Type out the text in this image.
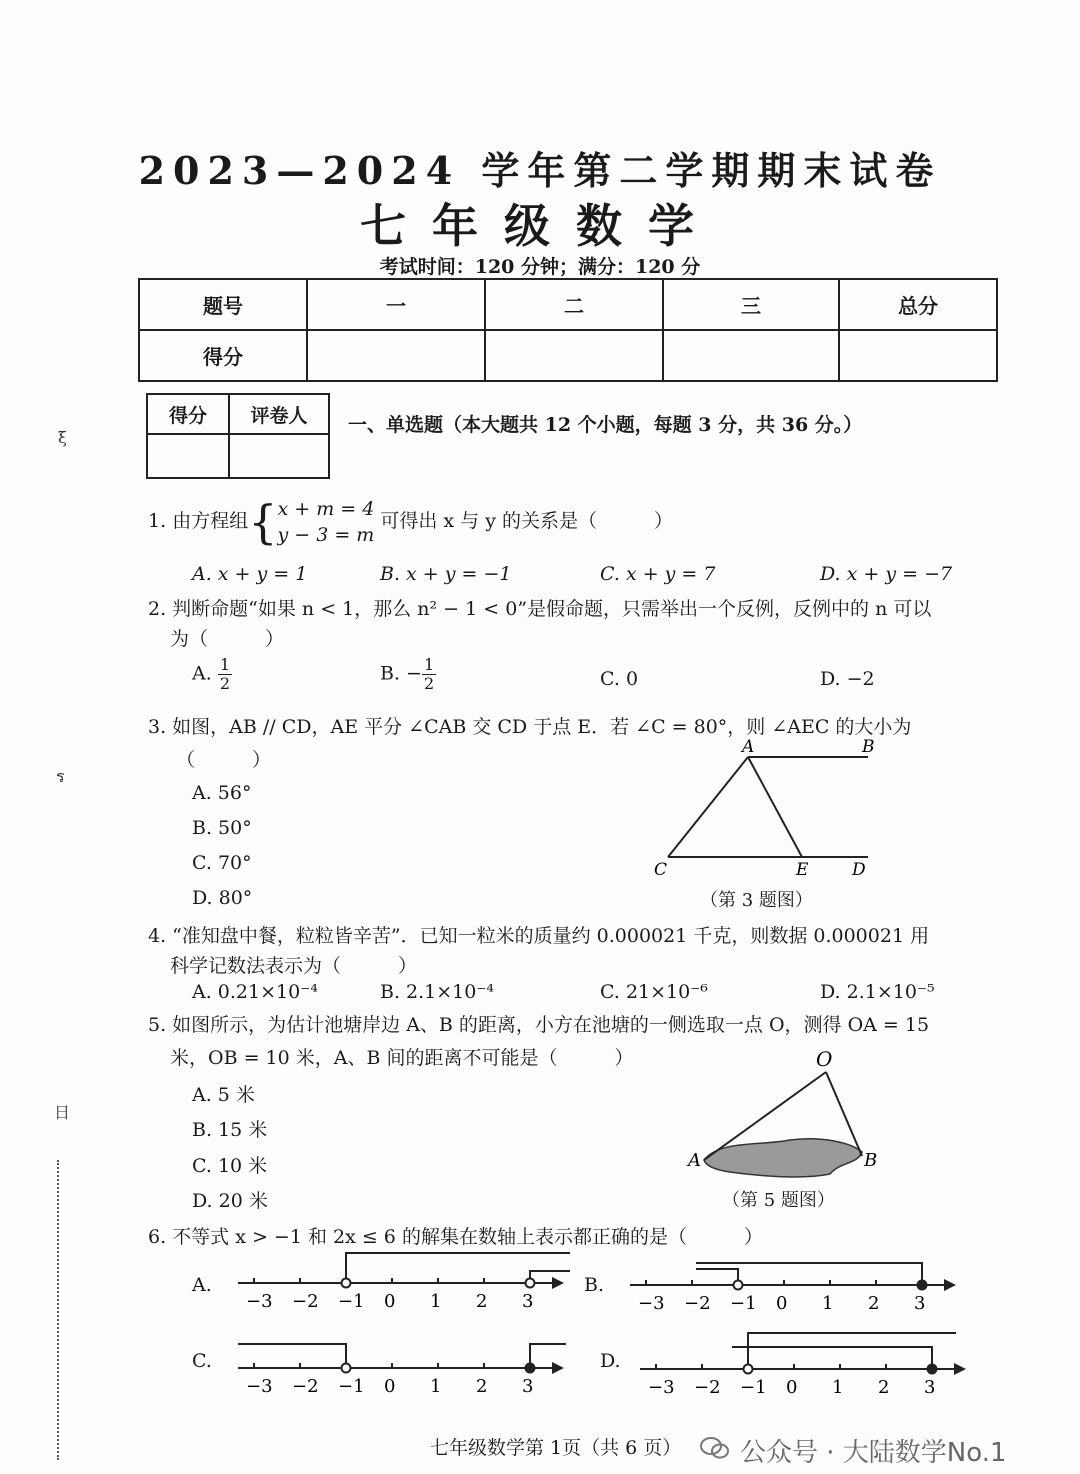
ξ
ร
日
2023—2024 学年第二学期期末试卷
七年级数学
考试时间：120 分钟；满分：120 分
题号	一	二	三	总分
得分				
得分	评卷人
	一、单选题（本大题共 12 个小题，每题 3 分，共 36 分。）
1. 由方程组{ x + m = 4
y − 3 = m
可得出 x 与 y 的关系是（　　　）
A. x + y = 1	B. x + y = −1	C. x + y = 7	D. x + y = −7
2. 判断命题“如果 n < 1，那么 n² − 1 < 0”是假命题，只需举出一个反例，反例中的 n 可以
为（　　　）
A. $\frac{1}{2}$	B. − $\frac{1}{2}$	C. 0	D. −2
3. 如图，AB // CD，AE 平分 ∠CAB 交 CD 于点 E．若 ∠C = 80°，则 ∠AEC 的大小为
（　　　）
A. 56°
B. 50°
C. 70°
D. 80°
A	B
C	E	D
（第 3 题图）
4. “准知盘中餐，粒粒皆辛苦”．已知一粒米的质量约 0.000021 千克，则数据 0.000021 用
科学记数法表示为（　　　）
A. 0.21×10⁻⁴	B. 2.1×10⁻⁴	C. 21×10⁻⁶	D. 2.1×10⁻⁵
5. 如图所示，为估计池塘岸边 A、B 的距离，小方在池塘的一侧选取一点 O，测得 OA = 15
米，OB = 10 米，A、B 间的距离不可能是（　　　）
A. 5 米
B. 15 米
C. 10 米
D. 20 米
O
A	B
（第 5 题图）
6. 不等式 x > −1 和 2x ≤ 6 的解集在数轴上表示都正确的是（　　　）
A.	B.
C.	D.
−3 −2 −1 0 1 2 3	−3 −2 −1 0 1 2 3
−3 −2 −1 0 1 2 3	−3 −2 −1 0 1 2 3
七年级数学第 1页（共 6 页） 公众号 · 大陆数学No.1
